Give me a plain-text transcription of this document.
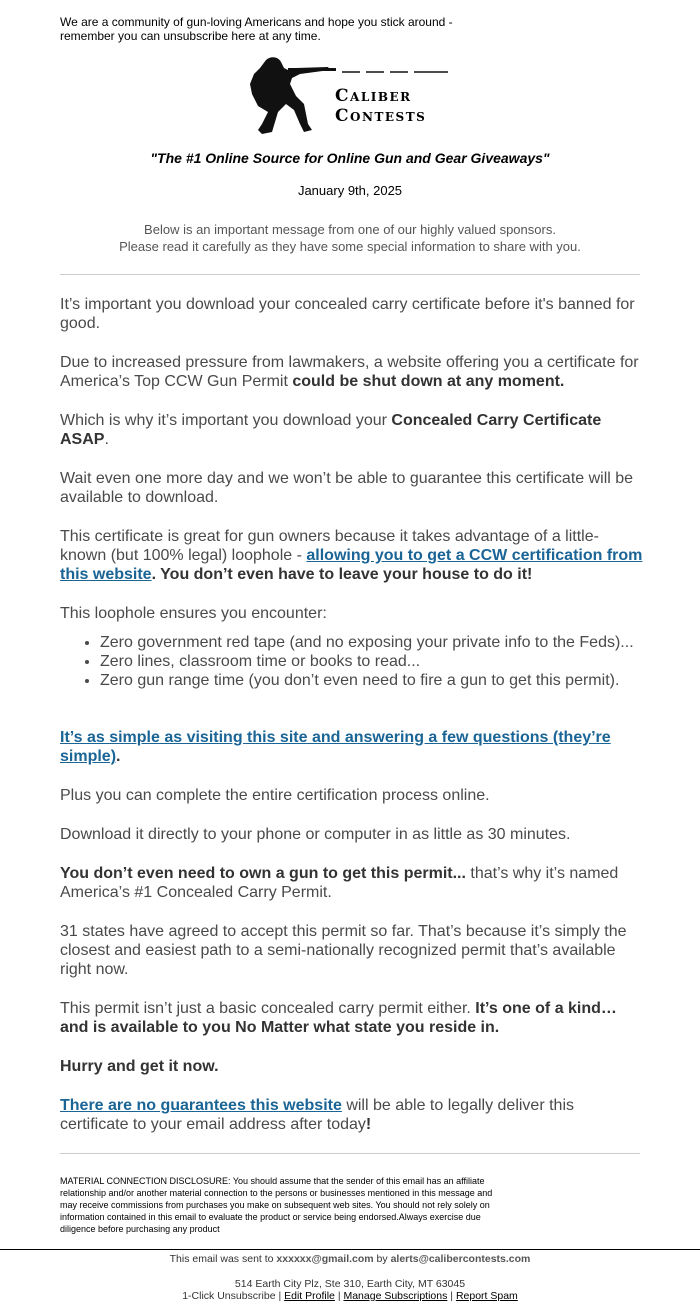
We are a community of gun-loving Americans and hope you stick around - remember you can unsubscribe here at any time.
Caliber
Contests
"The #1 Online Source for Online Gun and Gear Giveaways"
January 9th, 2025
Below is an important message from one of our highly valued sponsors.
Please read it carefully as they have some special information to share with you.

It’s important you download your concealed carry certificate before it's banned for good.

Due to increased pressure from lawmakers, a website offering you a certificate for America’s Top CCW Gun Permit could be shut down at any moment.

Which is why it’s important you download your Concealed Carry Certificate ASAP.

Wait even one more day and we won’t be able to guarantee this certificate will be available to download.

This certificate is great for gun owners because it takes advantage of a little-known (but 100% legal) loophole - allowing you to get a CCW certification from this website. You don’t even have to leave your house to do it!

This loophole ensures you encounter:

• Zero government red tape (and no exposing your private info to the Feds)...
• Zero lines, classroom time or books to read...
• Zero gun range time (you don’t even need to fire a gun to get this permit).

It’s as simple as visiting this site and answering a few questions (they’re simple).

Plus you can complete the entire certification process online.

Download it directly to your phone or computer in as little as 30 minutes.

You don’t even need to own a gun to get this permit... that’s why it’s named America’s #1 Concealed Carry Permit.

31 states have agreed to accept this permit so far. That’s because it’s simply the closest and easiest path to a semi-nationally recognized permit that’s available right now.

This permit isn’t just a basic concealed carry permit either. It’s one of a kind… and is available to you No Matter what state you reside in.

Hurry and get it now.

There are no guarantees this website will be able to legally deliver this certificate to your email address after today!

MATERIAL CONNECTION DISCLOSURE: You should assume that the sender of this email has an affiliate relationship and/or another material connection to the persons or businesses mentioned in this message and may receive commissions from purchases you make on subsequent web sites. You should not rely solely on information contained in this email to evaluate the product or service being endorsed.Always exercise due diligence before purchasing any product
This email was sent to xxxxxx@gmail.com by alerts@calibercontests.com
514 Earth City Plz, Ste 310, Earth City, MT 63045
1-Click Unsubscribe | Edit Profile | Manage Subscriptions | Report Spam
